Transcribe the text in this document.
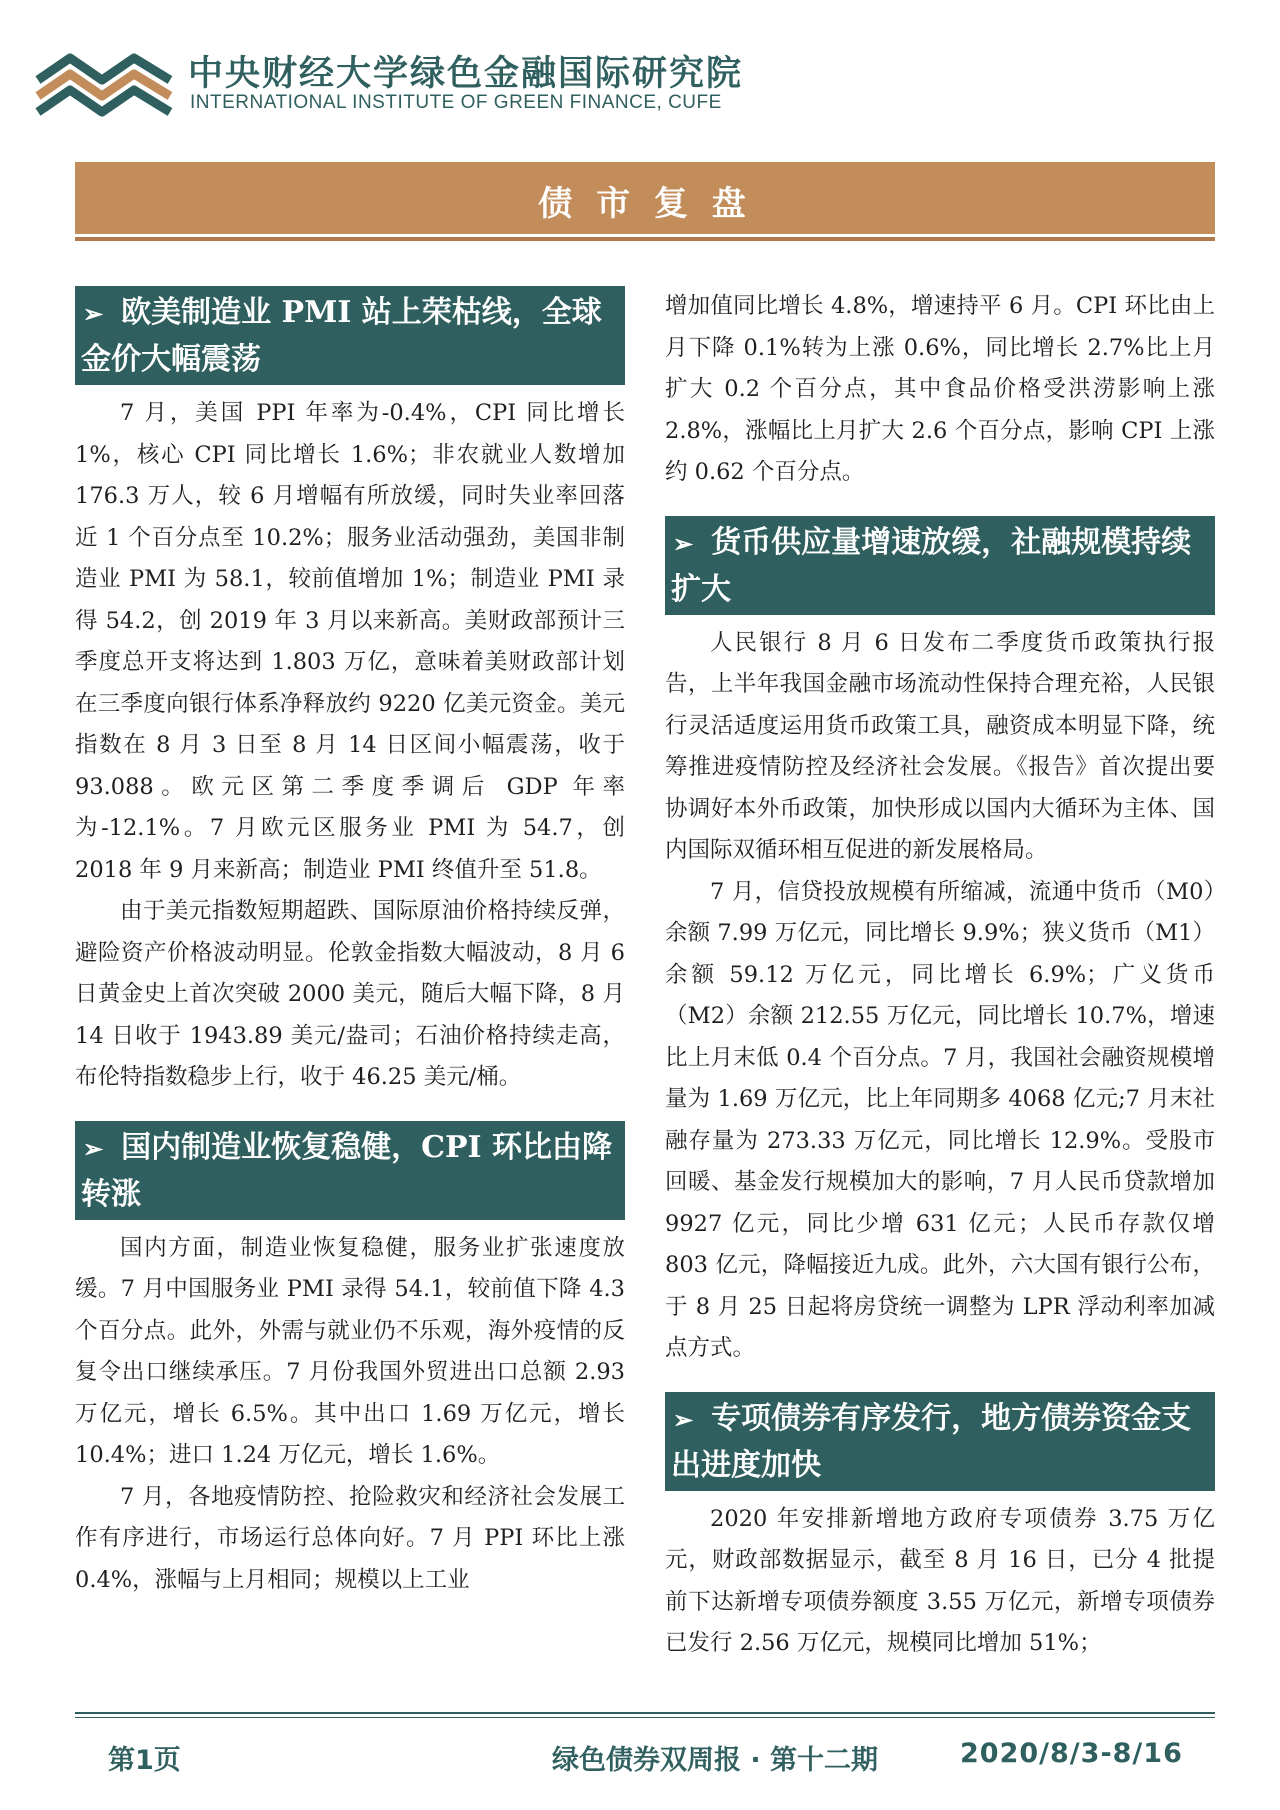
中央财经大学绿色金融国际研究院
INTERNATIONAL INSTITUTE OF GREEN FINANCE, CUFE
债 市 复 盘
➢ 欧美制造业 PMI 站上荣枯线，全球金价大幅震荡

7 月，美国 PPI 年率为-0.4%，CPI 同比增长 1%，核心 CPI 同比增长 1.6%；非农就业人数增加 176.3 万人，较 6 月增幅有所放缓，同时失业率回落近 1 个百分点至 10.2%；服务业活动强劲，美国非制造业 PMI 为 58.1，较前值增加 1%；制造业 PMI 录得 54.2，创 2019 年 3 月以来新高。美财政部预计三季度总开支将达到 1.803 万亿，意味着美财政部计划在三季度向银行体系净释放约 9220 亿美元资金。美元指数在 8 月 3 日至 8 月 14 日区间小幅震荡，收于 93.088。欧元区第二季度季调后 GDP 年率为-12.1%。7 月欧元区服务业 PMI 为 54.7，创 2018 年 9 月来新高；制造业 PMI 终值升至 51.8。

由于美元指数短期超跌、国际原油价格持续反弹，避险资产价格波动明显。伦敦金指数大幅波动，8 月 6 日黄金史上首次突破 2000 美元，随后大幅下降，8 月 14 日收于 1943.89 美元/盎司；石油价格持续走高，布伦特指数稳步上行，收于 46.25 美元/桶。

➢ 国内制造业恢复稳健，CPI 环比由降转涨

国内方面，制造业恢复稳健，服务业扩张速度放缓。7 月中国服务业 PMI 录得 54.1，较前值下降 4.3 个百分点。此外，外需与就业仍不乐观，海外疫情的反复令出口继续承压。7 月份我国外贸进出口总额 2.93 万亿元，增长 6.5%。其中出口 1.69 万亿元，增长 10.4%；进口 1.24 万亿元，增长 1.6%。

7 月，各地疫情防控、抢险救灾和经济社会发展工作有序进行，市场运行总体向好。7 月 PPI 环比上涨 0.4%，涨幅与上月相同；规模以上工业

增加值同比增长 4.8%，增速持平 6 月。CPI 环比由上月下降 0.1%转为上涨 0.6%，同比增长 2.7%比上月扩大 0.2 个百分点，其中食品价格受洪涝影响上涨 2.8%，涨幅比上月扩大 2.6 个百分点，影响 CPI 上涨约 0.62 个百分点。

➢ 货币供应量增速放缓，社融规模持续扩大

人民银行 8 月 6 日发布二季度货币政策执行报告，上半年我国金融市场流动性保持合理充裕，人民银行灵活适度运用货币政策工具，融资成本明显下降，统筹推进疫情防控及经济社会发展。《报告》首次提出要协调好本外币政策，加快形成以国内大循环为主体、国内国际双循环相互促进的新发展格局。

7 月，信贷投放规模有所缩减，流通中货币（M0）余额 7.99 万亿元，同比增长 9.9%；狭义货币（M1）余额 59.12 万亿元，同比增长 6.9%；广义货币（M2）余额 212.55 万亿元，同比增长 10.7%，增速比上月末低 0.4 个百分点。7 月，我国社会融资规模增量为 1.69 万亿元，比上年同期多 4068 亿元;7 月末社融存量为 273.33 万亿元，同比增长 12.9%。受股市回暖、基金发行规模加大的影响，7 月人民币贷款增加 9927 亿元，同比少增 631 亿元；人民币存款仅增 803 亿元，降幅接近九成。此外，六大国有银行公布，于 8 月 25 日起将房贷统一调整为 LPR 浮动利率加减点方式。

➢ 专项债券有序发行，地方债券资金支出进度加快

2020 年安排新增地方政府专项债券 3.75 万亿元，财政部数据显示，截至 8 月 16 日，已分 4 批提前下达新增专项债券额度 3.55 万亿元，新增专项债券已发行 2.56 万亿元，规模同比增加 51%；

第1页	绿色债券双周报 · 第十二期	2020/8/3-8/16
